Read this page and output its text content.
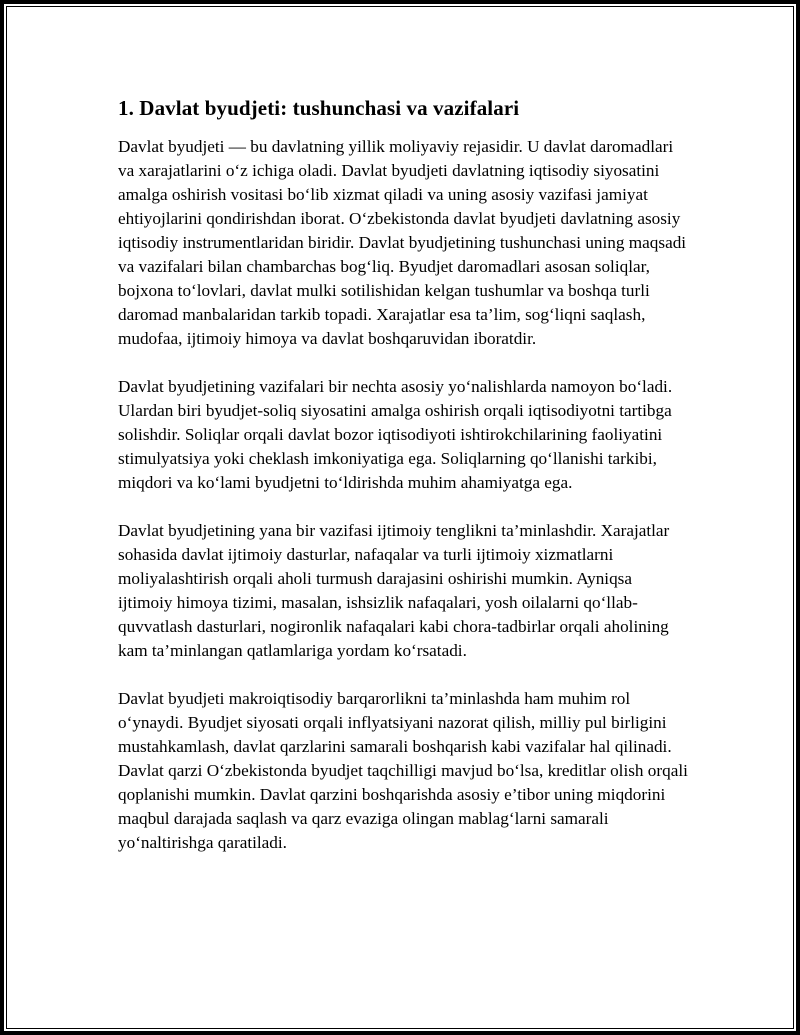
1. Davlat byudjeti: tushunchasi va vazifalari

Davlat byudjeti — bu davlatning yillik moliyaviy rejasidir. U davlat daromadlari va xarajatlarini o‘z ichiga oladi. Davlat byudjeti davlatning iqtisodiy siyosatini amalga oshirish vositasi bo‘lib xizmat qiladi va uning asosiy vazifasi jamiyat ehtiyojlarini qondirishdan iborat. O‘zbekistonda davlat byudjeti davlatning asosiy iqtisodiy instrumentlaridan biridir. Davlat byudjetining tushunchasi uning maqsadi va vazifalari bilan chambarchas bog‘liq. Byudjet daromadlari asosan soliqlar, bojxona to‘lovlari, davlat mulki sotilishidan kelgan tushumlar va boshqa turli daromad manbalaridan tarkib topadi. Xarajatlar esa ta’lim, sog‘liqni saqlash, mudofaa, ijtimoiy himoya va davlat boshqaruvidan iboratdir.

Davlat byudjetining vazifalari bir nechta asosiy yo‘nalishlarda namoyon bo‘ladi. Ulardan biri byudjet-soliq siyosatini amalga oshirish orqali iqtisodiyotni tartibga solishdir. Soliqlar orqali davlat bozor iqtisodiyoti ishtirokchilarining faoliyatini stimulyatsiya yoki cheklash imkoniyatiga ega. Soliqlarning qo‘llanishi tarkibi, miqdori va ko‘lami byudjetni to‘ldirishda muhim ahamiyatga ega.

Davlat byudjetining yana bir vazifasi ijtimoiy tenglikni ta’minlashdir. Xarajatlar sohasida davlat ijtimoiy dasturlar, nafaqalar va turli ijtimoiy xizmatlarni moliyalashtirish orqali aholi turmush darajasini oshirishi mumkin. Ayniqsa ijtimoiy himoya tizimi, masalan, ishsizlik nafaqalari, yosh oilalarni qo‘llab-quvvatlash dasturlari, nogironlik nafaqalari kabi chora-tadbirlar orqali aholining kam ta’minlangan qatlamlariga yordam ko‘rsatadi.

Davlat byudjeti makroiqtisodiy barqarorlikni ta’minlashda ham muhim rol o‘ynaydi. Byudjet siyosati orqali inflyatsiyani nazorat qilish, milliy pul birligini mustahkamlash, davlat qarzlarini samarali boshqarish kabi vazifalar hal qilinadi. Davlat qarzi O‘zbekistonda byudjet taqchilligi mavjud bo‘lsa, kreditlar olish orqali qoplanishi mumkin. Davlat qarzini boshqarishda asosiy e’tibor uning miqdorini maqbul darajada saqlash va qarz evaziga olingan mablag‘larni samarali yo‘naltirishga qaratiladi.
